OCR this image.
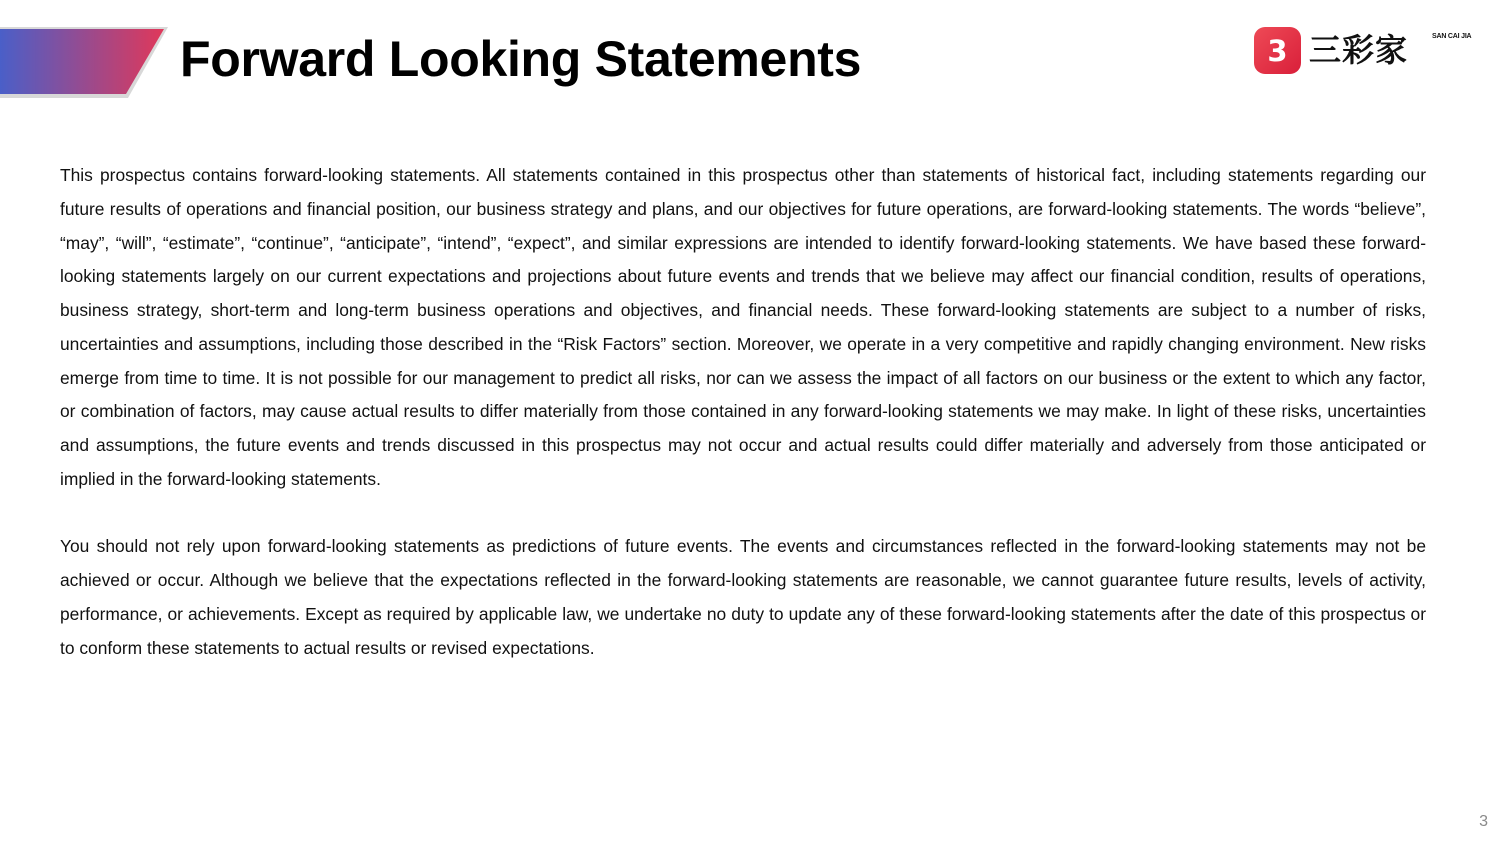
Forward Looking Statements	3 三彩家	SAN CAI JIA

This prospectus contains forward-looking statements. All statements contained in this prospectus other than statements of historical fact, including statements regarding our future results of operations and financial position, our business strategy and plans, and our objectives for future operations, are forward-looking statements. The words “believe”, “may”, “will”, “estimate”, “continue”, “anticipate”, “intend”, “expect”, and similar expressions are intended to identify forward-looking statements. We have based these forward-looking statements largely on our current expectations and projections about future events and trends that we believe may affect our financial condition, results of operations, business strategy, short-term and long-term business operations and objectives, and financial needs. These forward-looking statements are subject to a number of risks, uncertainties and assumptions, including those described in the “Risk Factors” section. Moreover, we operate in a very competitive and rapidly changing environment. New risks emerge from time to time. It is not possible for our management to predict all risks, nor can we assess the impact of all factors on our business or the extent to which any factor, or combination of factors, may cause actual results to differ materially from those contained in any forward-looking statements we may make. In light of these risks, uncertainties and assumptions, the future events and trends discussed in this prospectus may not occur and actual results could differ materially and adversely from those anticipated or implied in the forward-looking statements.

You should not rely upon forward-looking statements as predictions of future events. The events and circumstances reflected in the forward-looking statements may not be achieved or occur. Although we believe that the expectations reflected in the forward-looking statements are reasonable, we cannot guarantee future results, levels of activity, performance, or achievements. Except as required by applicable law, we undertake no duty to update any of these forward-looking statements after the date of this prospectus or to conform these statements to actual results or revised expectations.

3
